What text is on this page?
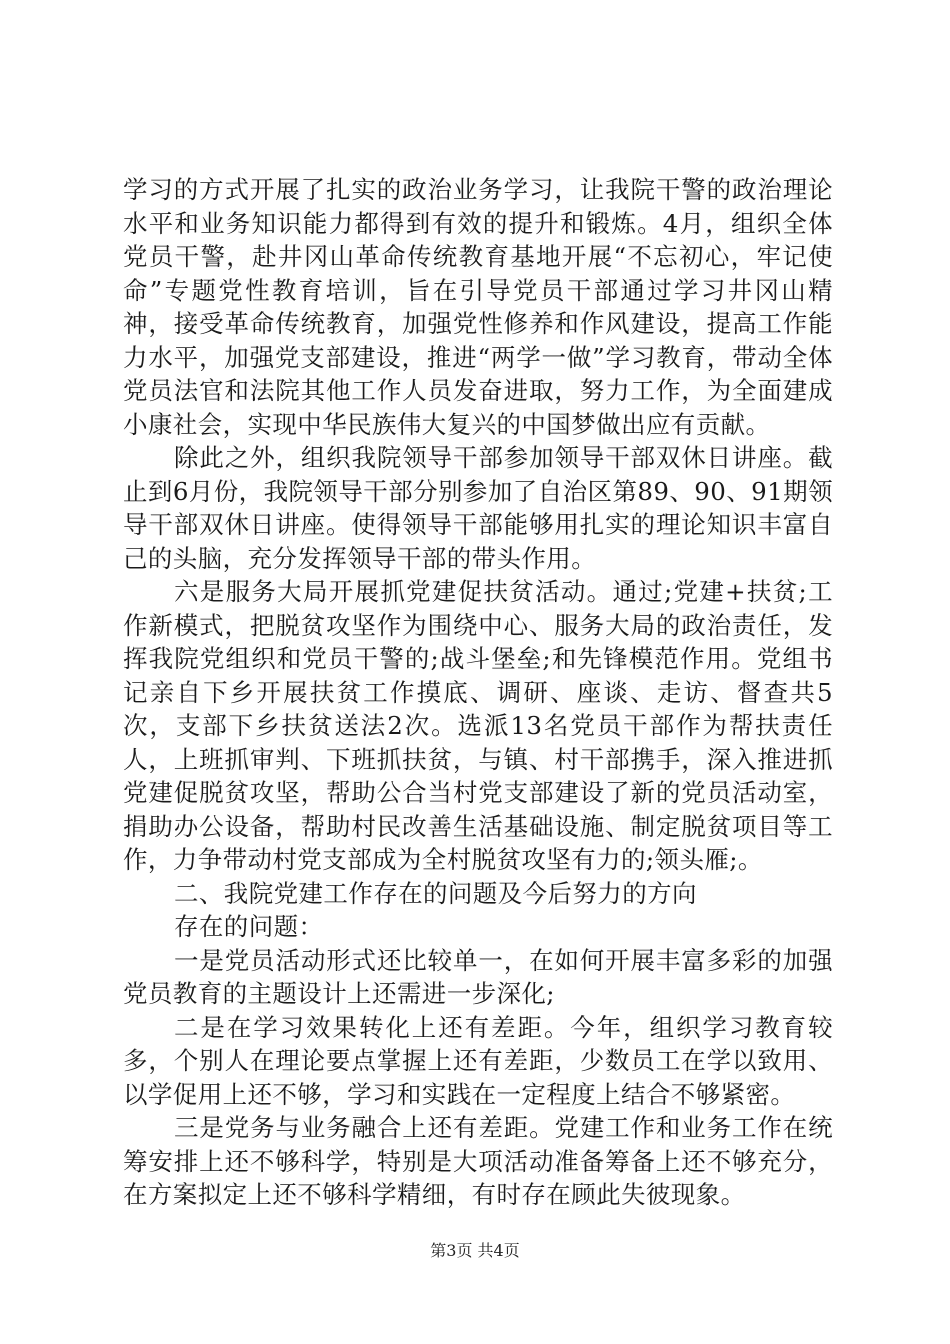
学习的方式开展了扎实的政治业务学习，让我院干警的政治理论水平和业务知识能力都得到有效的提升和锻炼。4月，组织全体党员干警，赴井冈山革命传统教育基地开展“不忘初心，牢记使命”专题党性教育培训，旨在引导党员干部通过学习井冈山精神，接受革命传统教育，加强党性修养和作风建设，提高工作能力水平，加强党支部建设，推进“两学一做”学习教育，带动全体党员法官和法院其他工作人员发奋进取，努力工作，为全面建成小康社会，实现中华民族伟大复兴的中国梦做出应有贡献。

除此之外，组织我院领导干部参加领导干部双休日讲座。截止到6月份，我院领导干部分别参加了自治区第89、90、91期领导干部双休日讲座。使得领导干部能够用扎实的理论知识丰富自己的头脑，充分发挥领导干部的带头作用。

六是服务大局开展抓党建促扶贫活动。通过;党建+扶贫;工作新模式，把脱贫攻坚作为围绕中心、服务大局的政治责任，发挥我院党组织和党员干警的;战斗堡垒;和先锋模范作用。党组书记亲自下乡开展扶贫工作摸底、调研、座谈、走访、督查共5次，支部下乡扶贫送法2次。选派13名党员干部作为帮扶责任人，上班抓审判、下班抓扶贫，与镇、村干部携手，深入推进抓党建促脱贫攻坚，帮助公合当村党支部建设了新的党员活动室，捐助办公设备，帮助村民改善生活基础设施、制定脱贫项目等工作，力争带动村党支部成为全村脱贫攻坚有力的;领头雁;。

二、我院党建工作存在的问题及今后努力的方向

存在的问题：

一是党员活动形式还比较单一，在如何开展丰富多彩的加强党员教育的主题设计上还需进一步深化;

二是在学习效果转化上还有差距。今年，组织学习教育较多，个别人在理论要点掌握上还有差距，少数员工在学以致用、以学促用上还不够，学习和实践在一定程度上结合不够紧密。

三是党务与业务融合上还有差距。党建工作和业务工作在统筹安排上还不够科学，特别是大项活动准备筹备上还不够充分，在方案拟定上还不够科学精细，有时存在顾此失彼现象。

第3页 共4页
